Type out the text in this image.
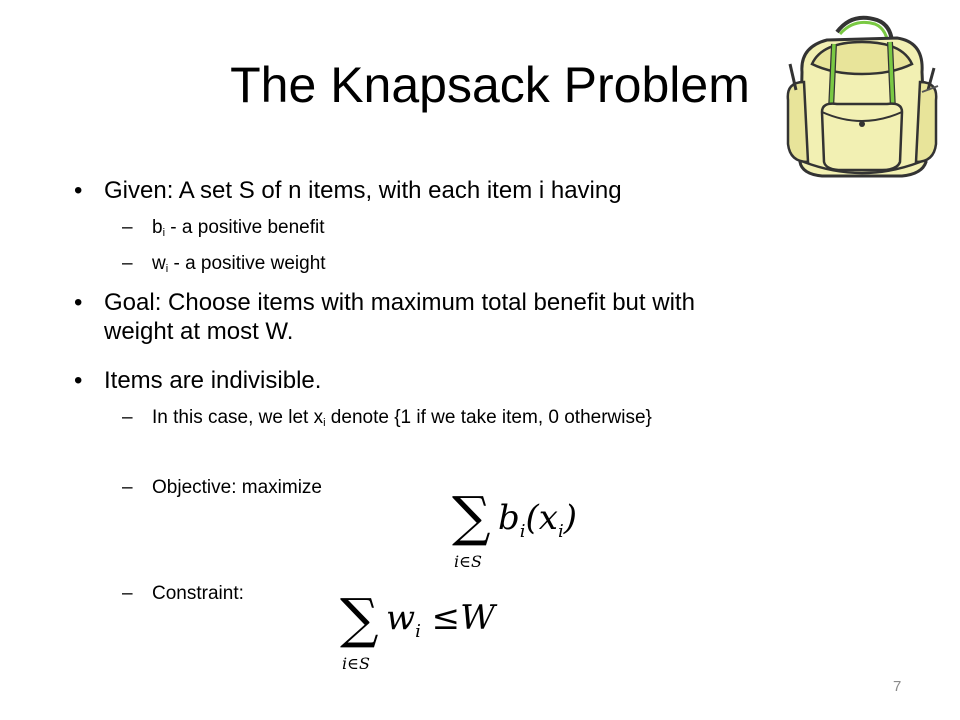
The Knapsack Problem
• Given: A set S of n items, with each item i having
– $b_i$ - a positive benefit
– $w_i$ - a positive weight
• Goal: Choose items with maximum total benefit but with
weight at most W.
• Items are indivisible.
– In this case, we let $x_i$ denote {1 if we take item, 0 otherwise}
– Objective: maximize ∑
i∈S
$b_i(x_i)$
– Constraint: ∑
i∈S
$w_i \le W$
7
